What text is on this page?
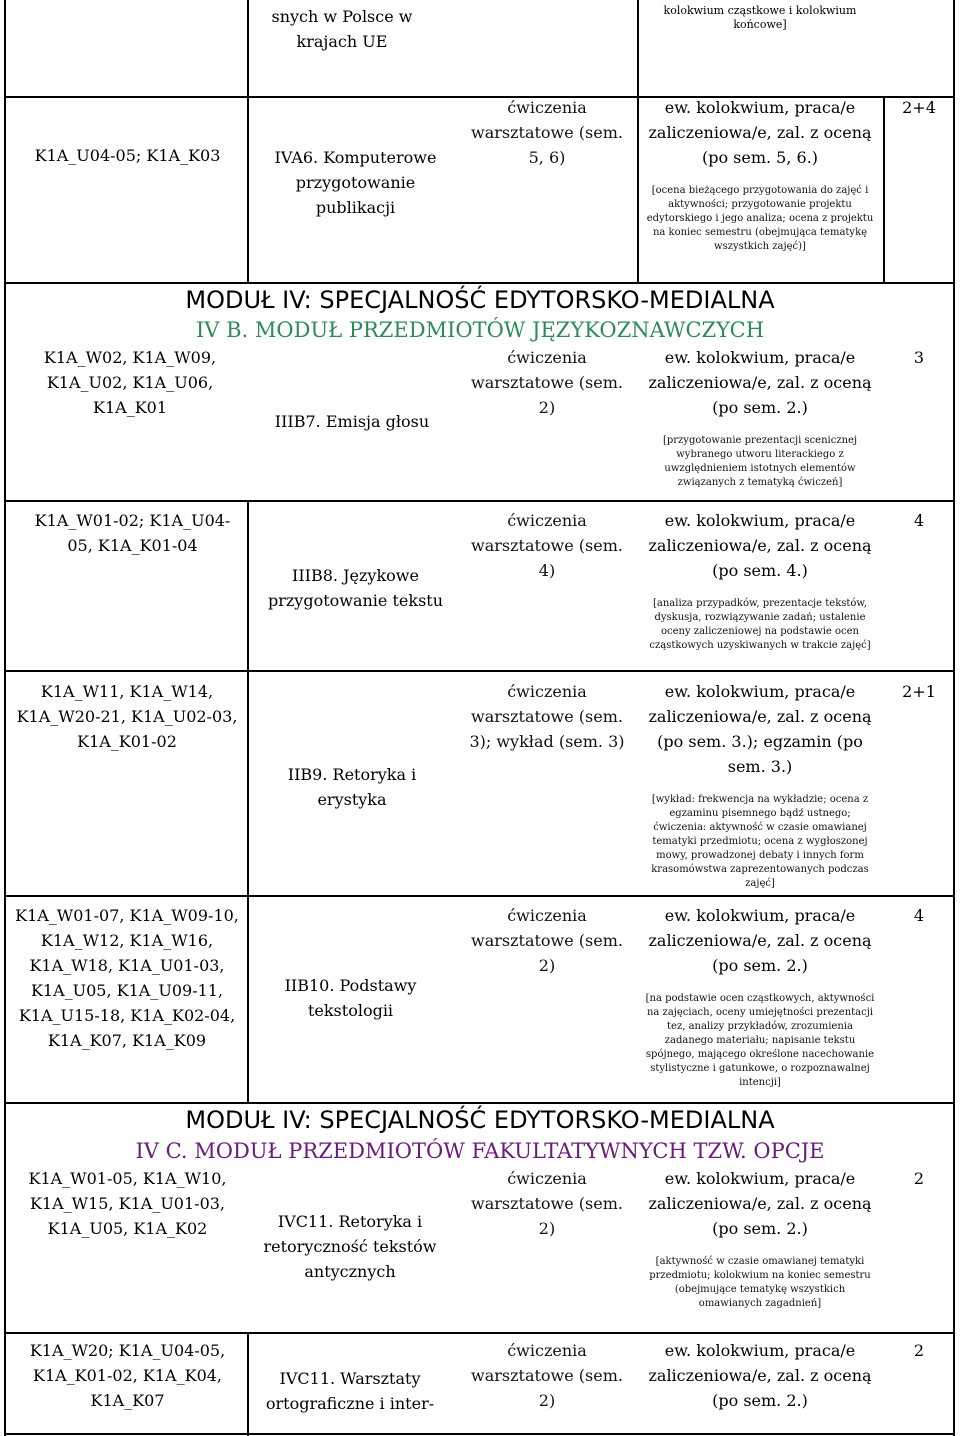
snych w Polsce w krajach UE
kolokwium cząstkowe i kolokwium końcowe]
K1A_U04-05; K1A_K03	IVA6. Komputerowe przygotowanie publikacji
ćwiczenia warsztatowe (sem. 5, 6)
ew. kolokwium, praca/e zaliczeniowa/e, zal. z oceną (po sem. 5, 6.)
[ocena bieżącego przygotowania do zajęć i aktywności; przygotowanie projektu edytorskiego i jego analiza; ocena z projektu na koniec semestru (obejmująca tematykę wszystkich zajęć)]
2+4
MODUŁ IV: SPECJALNOŚĆ EDYTORSKO-MEDIALNA
IV B. MODUŁ PRZEDMIOTÓW JĘZYKOZNAWCZYCH
K1A_W02, K1A_W09, K1A_U02, K1A_U06, K1A_K01
IIIB7. Emisja głosu
ćwiczenia warsztatowe (sem. 2)
ew. kolokwium, praca/e zaliczeniowa/e, zal. z oceną (po sem. 2.)
[przygotowanie prezentacji scenicznej wybranego utworu literackiego z uwzględnieniem istotnych elementów związanych z tematyką ćwiczeń]
3
K1A_W01-02; K1A_U04-05, K1A_K01-04
IIIB8. Językowe przygotowanie tekstu
ćwiczenia warsztatowe (sem. 4)
ew. kolokwium, praca/e zaliczeniowa/e, zal. z oceną (po sem. 4.)
[analiza przypadków, prezentacje tekstów, dyskusja, rozwiązywanie zadań; ustalenie oceny zaliczeniowej na podstawie ocen cząstkowych uzyskiwanych w trakcie zajęć]
4
K1A_W11, K1A_W14, K1A_W20-21, K1A_U02-03, K1A_K01-02
IIB9. Retoryka i erystyka
ćwiczenia warsztatowe (sem. 3); wykład (sem. 3)
ew. kolokwium, praca/e zaliczeniowa/e, zal. z oceną (po sem. 3.); egzamin (po sem. 3.)
[wykład: frekwencja na wykładzie; ocena z egzaminu pisemnego bądź ustnego; ćwiczenia: aktywność w czasie omawianej tematyki przedmiotu; ocena z wygłoszonej mowy, prowadzonej debaty i innych form krasomówstwa zaprezentowanych podczas zajęć]
2+1
K1A_W01-07, K1A_W09-10, K1A_W12, K1A_W16, K1A_W18, K1A_U01-03, K1A_U05, K1A_U09-11, K1A_U15-18, K1A_K02-04, K1A_K07, K1A_K09
IIB10. Podstawy tekstologii
ćwiczenia warsztatowe (sem. 2)
ew. kolokwium, praca/e zaliczeniowa/e, zal. z oceną (po sem. 2.)
[na podstawie ocen cząstkowych, aktywności na zajęciach, oceny umiejętności prezentacji tez, analizy przykładów, zrozumienia zadanego materiału; napisanie tekstu spójnego, mającego określone nacechowanie stylistyczne i gatunkowe, o rozpoznawalnej intencji]
4
MODUŁ IV: SPECJALNOŚĆ EDYTORSKO-MEDIALNA
IV C. MODUŁ PRZEDMIOTÓW FAKULTATYWNYCH TZW. OPCJE
K1A_W01-05, K1A_W10, K1A_W15, K1A_U01-03, K1A_U05, K1A_K02	IVC11. Retoryka i retoryczność tekstów antycznych
ćwiczenia warsztatowe (sem. 2)
ew. kolokwium, praca/e zaliczeniowa/e, zal. z oceną (po sem. 2.)
[aktywność w czasie omawianej tematyki przedmiotu; kolokwium na koniec semestru (obejmujące tematykę wszystkich omawianych zagadnień]
2
K1A_W20; K1A_U04-05, K1A_K01-02, K1A_K04, K1A_K07
IVC11. Warsztaty ortograficzne i inter-
ćwiczenia warsztatowe (sem. 2)
ew. kolokwium, praca/e zaliczeniowa/e, zal. z oceną (po sem. 2.)
2
